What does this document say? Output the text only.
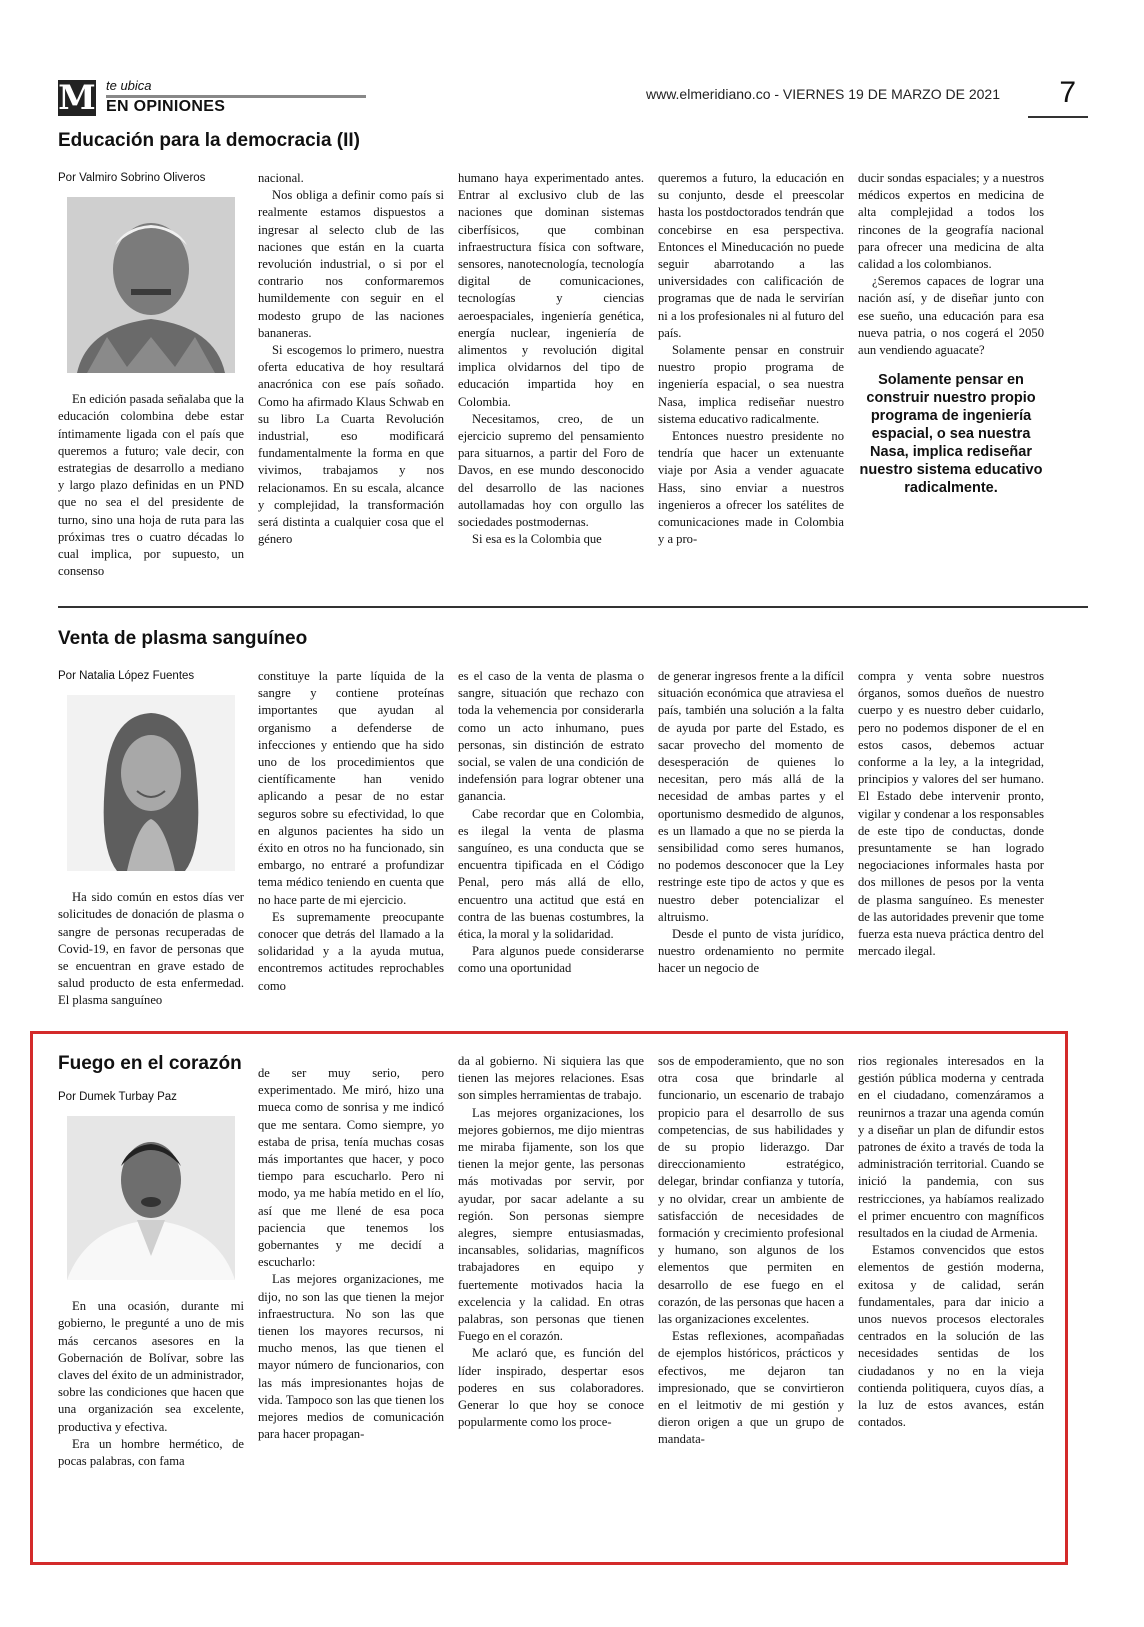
M te ubica
EN OPINIONES
www.elmeridiano.co - VIERNES 19 DE MARZO DE 2021 7
Educación para la democracia (II)
Por Valmiro Sobrino Oliveros

En edición pasada señalaba que la educación colombina debe estar íntimamente ligada con el país que queremos a futuro; vale decir, con estrategias de desarrollo a mediano y largo plazo definidas en un PND que no sea el del presidente de turno, sino una hoja de ruta para las próximas tres o cuatro décadas lo cual implica, por supuesto, un consenso

nacional.

Nos obliga a definir como país si realmente estamos dispuestos a ingresar al selecto club de las naciones que están en la cuarta revolución industrial, o si por el contrario nos conformaremos humildemente con seguir en el modesto grupo de las naciones bananeras.

Si escogemos lo primero, nuestra oferta educativa de hoy resultará anacrónica con ese país soñado. Como ha afirmado Klaus Schwab en su libro La Cuarta Revolución industrial, eso modificará fundamentalmente la forma en que vivimos, trabajamos y nos relacionamos. En su escala, alcance y complejidad, la transformación será distinta a cualquier cosa que el género

humano haya experimentado antes. Entrar al exclusivo club de las naciones que dominan sistemas ciberfísicos, que combinan infraestructura física con software, sensores, nanotecnología, tecnología digital de comunicaciones, tecnologías y ciencias aeroespaciales, ingeniería genética, energía nuclear, ingeniería de alimentos y revolución digital implica olvidarnos del tipo de educación impartida hoy en Colombia.

Necesitamos, creo, de un ejercicio supremo del pensamiento para situarnos, a partir del Foro de Davos, en ese mundo desconocido del desarrollo de las naciones autollamadas hoy con orgullo las sociedades postmodernas.

Si esa es la Colombia que

queremos a futuro, la educación en su conjunto, desde el preescolar hasta los postdoctorados tendrán que concebirse en esa perspectiva. Entonces el Mineducación no puede seguir abarrotando a las universidades con calificación de programas que de nada le servirían ni a los profesionales ni al futuro del país.

Solamente pensar en construir nuestro propio programa de ingeniería espacial, o sea nuestra Nasa, implica rediseñar nuestro sistema educativo radicalmente.

Entonces nuestro presidente no tendría que hacer un extenuante viaje por Asia a vender aguacate Hass, sino enviar a nuestros ingenieros a ofrecer los satélites de comunicaciones made in Colombia y a pro-

ducir sondas espaciales; y a nuestros médicos expertos en medicina de alta complejidad a todos los rincones de la geografía nacional para ofrecer una medicina de alta calidad a los colombianos.

¿Seremos capaces de lograr una nación así, y de diseñar junto con ese sueño, una educación para esa nueva patria, o nos cogerá el 2050 aun vendiendo aguacate?

Solamente pensar en construir nuestro propio programa de ingeniería espacial, o sea nuestra Nasa, implica rediseñar nuestro sistema educativo radicalmente.
Venta de plasma sanguíneo
Por Natalia López Fuentes

Ha sido común en estos días ver solicitudes de donación de plasma o sangre de personas recuperadas de Covid-19, en favor de personas que se encuentran en grave estado de salud producto de esta enfermedad. El plasma sanguíneo

constituye la parte líquida de la sangre y contiene proteínas importantes que ayudan al organismo a defenderse de infecciones y entiendo que ha sido uno de los procedimientos que científicamente han venido aplicando a pesar de no estar seguros sobre su efectividad, lo que en algunos pacientes ha sido un éxito en otros no ha funcionado, sin embargo, no entraré a profundizar tema médico teniendo en cuenta que no hace parte de mi ejercicio.

Es supremamente preocupante conocer que detrás del llamado a la solidaridad y a la ayuda mutua, encontremos actitudes reprochables como

es el caso de la venta de plasma o sangre, situación que rechazo con toda la vehemencia por considerarla como un acto inhumano, pues personas, sin distinción de estrato social, se valen de una condición de indefensión para lograr obtener una ganancia.

Cabe recordar que en Colombia, es ilegal la venta de plasma sanguíneo, es una conducta que se encuentra tipificada en el Código Penal, pero más allá de ello, encuentro una actitud que está en contra de las buenas costumbres, la ética, la moral y la solidaridad.

Para algunos puede considerarse como una oportunidad

de generar ingresos frente a la difícil situación económica que atraviesa el país, también una solución a la falta de ayuda por parte del Estado, es sacar provecho del momento de desesperación de quienes lo necesitan, pero más allá de la necesidad de ambas partes y el oportunismo desmedido de algunos, es un llamado a que no se pierda la sensibilidad como seres humanos, no podemos desconocer que la Ley restringe este tipo de actos y que es nuestro deber potencializar el altruismo.

Desde el punto de vista jurídico, nuestro ordenamiento no permite hacer un negocio de

compra y venta sobre nuestros órganos, somos dueños de nuestro cuerpo y es nuestro deber cuidarlo, pero no podemos disponer de el en estos casos, debemos actuar conforme a la ley, a la integridad, principios y valores del ser humano. El Estado debe intervenir pronto, vigilar y condenar a los responsables de este tipo de conductas, donde presuntamente se han logrado negociaciones informales hasta por dos millones de pesos por la venta de plasma sanguíneo. Es menester de las autoridades prevenir que tome fuerza esta nueva práctica dentro del mercado ilegal.

Fuego en el corazón
Por Dumek Turbay Paz

En una ocasión, durante mi gobierno, le pregunté a uno de mis más cercanos asesores en la Gobernación de Bolívar, sobre las claves del éxito de un administrador, sobre las condiciones que hacen que una organización sea excelente, productiva y efectiva.

Era un hombre hermético, de pocas palabras, con fama

de ser muy serio, pero experimentado. Me miró, hizo una mueca como de sonrisa y me indicó que me sentara. Como siempre, yo estaba de prisa, tenía muchas cosas más importantes que hacer, y poco tiempo para escucharlo. Pero ni modo, ya me había metido en el lío, así que me llené de esa poca paciencia que tenemos los gobernantes y me decidí a escucharlo:

Las mejores organizaciones, me dijo, no son las que tienen la mejor infraestructura. No son las que tienen los mayores recursos, ni mucho menos, las que tienen el mayor número de funcionarios, con las más impresionantes hojas de vida. Tampoco son las que tienen los mejores medios de comunicación para hacer propagan-

da al gobierno. Ni siquiera las que tienen las mejores relaciones. Esas son simples herramientas de trabajo.

Las mejores organizaciones, los mejores gobiernos, me dijo mientras me miraba fijamente, son los que tienen la mejor gente, las personas más motivadas por servir, por ayudar, por sacar adelante a su región. Son personas siempre alegres, siempre entusiasmadas, incansables, solidarias, magníficos trabajadores en equipo y fuertemente motivados hacia la excelencia y la calidad. En otras palabras, son personas que tienen Fuego en el corazón.

Me aclaró que, es función del líder inspirado, despertar esos poderes en sus colaboradores. Generar lo que hoy se conoce popularmente como los proce-

sos de empoderamiento, que no son otra cosa que brindarle al funcionario, un escenario de trabajo propicio para el desarrollo de sus competencias, de sus habilidades y de su propio liderazgo. Dar direccionamiento estratégico, delegar, brindar confianza y tutoría, y no olvidar, crear un ambiente de satisfacción de necesidades de formación y crecimiento profesional y humano, son algunos de los elementos que permiten en desarrollo de ese fuego en el corazón, de las personas que hacen a las organizaciones excelentes.

Estas reflexiones, acompañadas de ejemplos históricos, prácticos y efectivos, me dejaron tan impresionado, que se convirtieron en el leitmotiv de mi gestión y dieron origen a que un grupo de mandata-

rios regionales interesados en la gestión pública moderna y centrada en el ciudadano, comenzáramos a reunirnos a trazar una agenda común y a diseñar un plan de difundir estos patrones de éxito a través de toda la administración territorial. Cuando se inició la pandemia, con sus restricciones, ya habíamos realizado el primer encuentro con magníficos resultados en la ciudad de Armenia.

Estamos convencidos que estos elementos de gestión moderna, exitosa y de calidad, serán fundamentales, para dar inicio a unos nuevos procesos electorales centrados en la solución de las necesidades sentidas de los ciudadanos y no en la vieja contienda politiquera, cuyos días, a la luz de estos avances, están contados.
